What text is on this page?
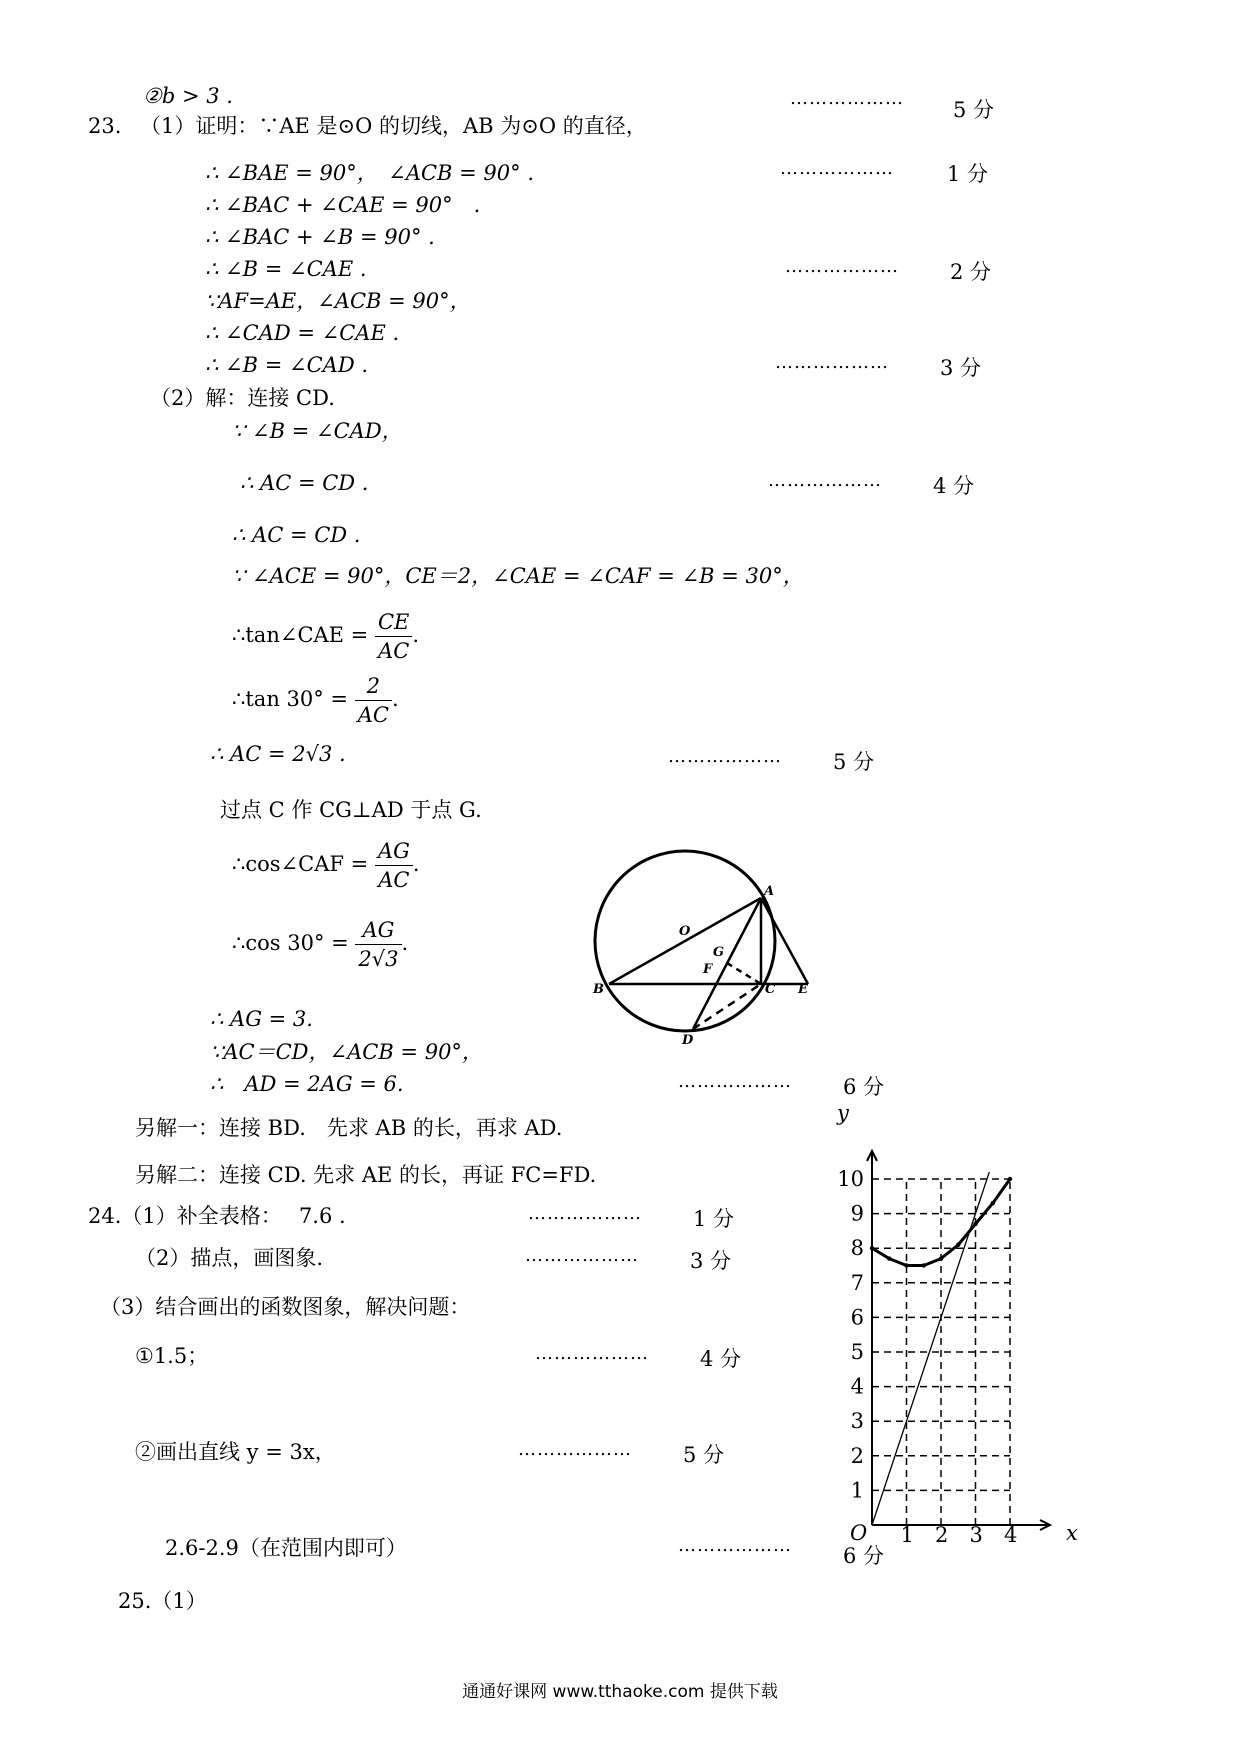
②b > 3 .
23. （1）证明：∵AE 是⊙O 的切线，AB 为⊙O 的直径，
∴ ∠BAE = 90°，　∠ACB = 90° .
∴ ∠BAC + ∠CAE = 90°　.
∴ ∠BAC + ∠B = 90° .
∴ ∠B = ∠CAE .
∵AF=AE，∠ACB = 90°，
∴ ∠CAD = ∠CAE .
∴ ∠B = ∠CAD .
（2）解：连接 CD.
∵ ∠B = ∠CAD，
∴ AC = CD .
∴ AC = CD .
∵ ∠ACE = 90°，CE＝2，∠CAE = ∠CAF = ∠B = 30°，
∴tan∠CAE = $\frac{CE}{AC}$ .
∴tan $30^\circ = \frac{2}{AC}$ .
∴ AC = 2√3 .
过点 C 作 CG⊥AD 于点 G.
∴cos∠CAF = $\frac{AG}{AC}$ .
∴cos $30^\circ = \frac{AG}{2√3}$ .
∴ AG = 3.
∵AC＝CD，∠ACB = 90°，
∴　AD = 2AG = 6.
另解一：连接 BD.　先求 AB 的长，再求 AD.
另解二：连接 CD. 先求 AE 的长，再证 FC=FD.
24.（1）补全表格：　 7.6 .
（2）描点，画图象.
（3）结合画出的函数图象，解决问题：
①1.5；
②画出直线 y = 3x，
2.6-2.9（在范围内即可）
25.（1）
………………
………………
………………
………………
………………
………………
………………
………………
………………
………………
………………
………………
5 分
1 分
2 分
3 分
4 分
5 分
6 分
1 分
3 分
4 分
5 分
6 分
A
B	C
D
E
F
G
O
1 2 3 4
1
2
3
4
5
6
7
8
9
10
x
y
O
通通好课网 www.tthaoke.com 提供下载
